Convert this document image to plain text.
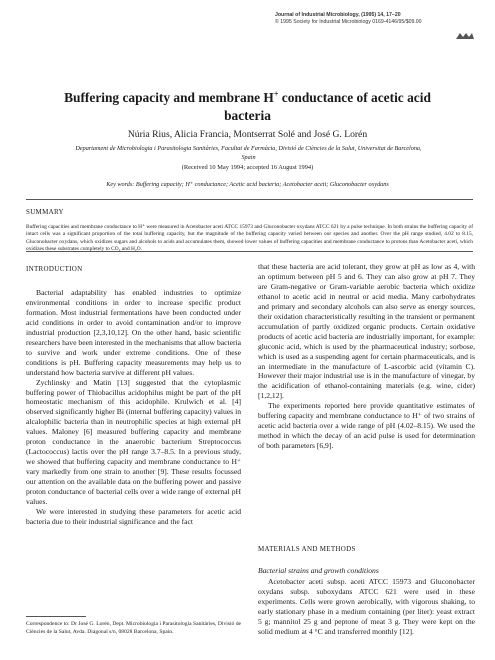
Journal of Industrial Microbiology, (1995) 14, 17–20
© 1995 Society for Industrial Microbiology 0169-4146/95/$09.00
Buffering capacity and membrane H+ conductance of acetic acid
bacteria
Núria Rius, Alicia Francia, Montserrat Solé and José G. Lorén
Departament de Microbiologia i Parasitologia Sanitàries, Facultat de Farmàcia, Divisió de Ciències de la Salut, Universitat de Barcelona,
Spain
(Received 10 May 1994; accepted 16 August 1994)
Key words: Buffering capacity; H⁺ conductance; Acetic acid bacteria; Acetobacter aceti; Gluconobacter oxydans
SUMMARY
Buffering capacities and membrane conductance to H⁺ were measured in Acetobacter aceti ATCC 15973 and Gluconobacter oxydans ATCC 621 by a pulse technique. In both strains the buffering capacity of intact cells was a significant proportion of the total buffering capacity, but the magnitude of the buffering capacity varied between our species and another. Over the pH range studied, 4.02 to 8.15, Gluconobacter oxydans, which oxidizes sugars and alcohols to acids and accumulates them, showed lower values of buffering capacities and membrane conductance to protons than Acetobacter aceti, which oxidizes these substrates completely to CO₂ and H₂O.
INTRODUCTION

Bacterial adaptability has enabled industries to optimize environmental conditions in order to increase specific product formation. Most industrial fermentations have been conducted under acid conditions in order to avoid contamination and/or to improve industrial production [2,3,10,12]. On the other hand, basic scientific researchers have been interested in the mechanisms that allow bacteria to survive and work under extreme conditions. One of these conditions is pH. Buffering capacity measurements may help us to understand how bacteria survive at different pH values.

Zychlinsky and Matin [13] suggested that the cytoplasmic buffering power of Thiobacillus acidophilus might be part of the pH homeostatic mechanism of this acidophile. Krulwich et al. [4] observed significantly higher Bi (internal buffering capacity) values in alcalophilic bacteria than in neutrophilic species at high external pH values. Maloney [6] measured buffering capacity and membrane proton conductance in the anaerobic bacterium Streptococcus (Lactococcus) lactis over the pH range 3.7–8.5. In a previous study, we showed that buffering capacity and membrane conductance to H⁺ vary markedly from one strain to another [9]. These results focussed our attention on the available data on the buffering power and passive proton conductance of bacterial cells over a wide range of external pH values.

We were interested in studying these parameters for acetic acid bacteria due to their industrial significance and the fact

that these bacteria are acid tolerant, they grow at pH as low as 4, with an optimum between pH 5 and 6. They can also grow at pH 7. They are Gram-negative or Gram-variable aerobic bacteria which oxidize ethanol to acetic acid in neutral or acid media. Many carbohydrates and primary and secondary alcohols can also serve as energy sources, their oxidation characteristically resulting in the transient or permanent accumulation of partly oxidized organic products. Certain oxidative products of acetic acid bacteria are industrially important, for example: gluconic acid, which is used by the pharmaceutical industry; sorbose, which is used as a suspending agent for certain pharmaceuticals, and is an intermediate in the manufacture of L-ascorbic acid (vitamin C). However their major industrial use is in the manufacture of vinegar, by the acidification of ethanol-containing materials (e.g. wine, cider) [1,2,12].

The experiments reported here provide quantitative estimates of buffering capacity and membrane conductance to H⁺ of two strains of acetic acid bacteria over a wide range of pH (4.02–8.15). We used the method in which the decay of an acid pulse is used for determination of both parameters [6,9].

MATERIALS AND METHODS
Bacterial strains and growth conditions

Acetobacter aceti subsp. aceti ATCC 15973 and Gluconobacter oxydans subsp. suboxydans ATCC 621 were used in these experiments. Cells were grown aerobically, with vigorous shaking, to early stationary phase in a medium containing (per liter): yeast extract 5 g; mannitol 25 g and peptone of meat 3 g. They were kept on the solid medium at 4 °C and transferred monthly [12].

Correspondence to: Dr José G. Lorén, Dept. Microbiologia i Parasitologia Sanitàries, Divisió de Ciències de la Salut, Avda. Diagonal s/n, 08028 Barcelona, Spain.
